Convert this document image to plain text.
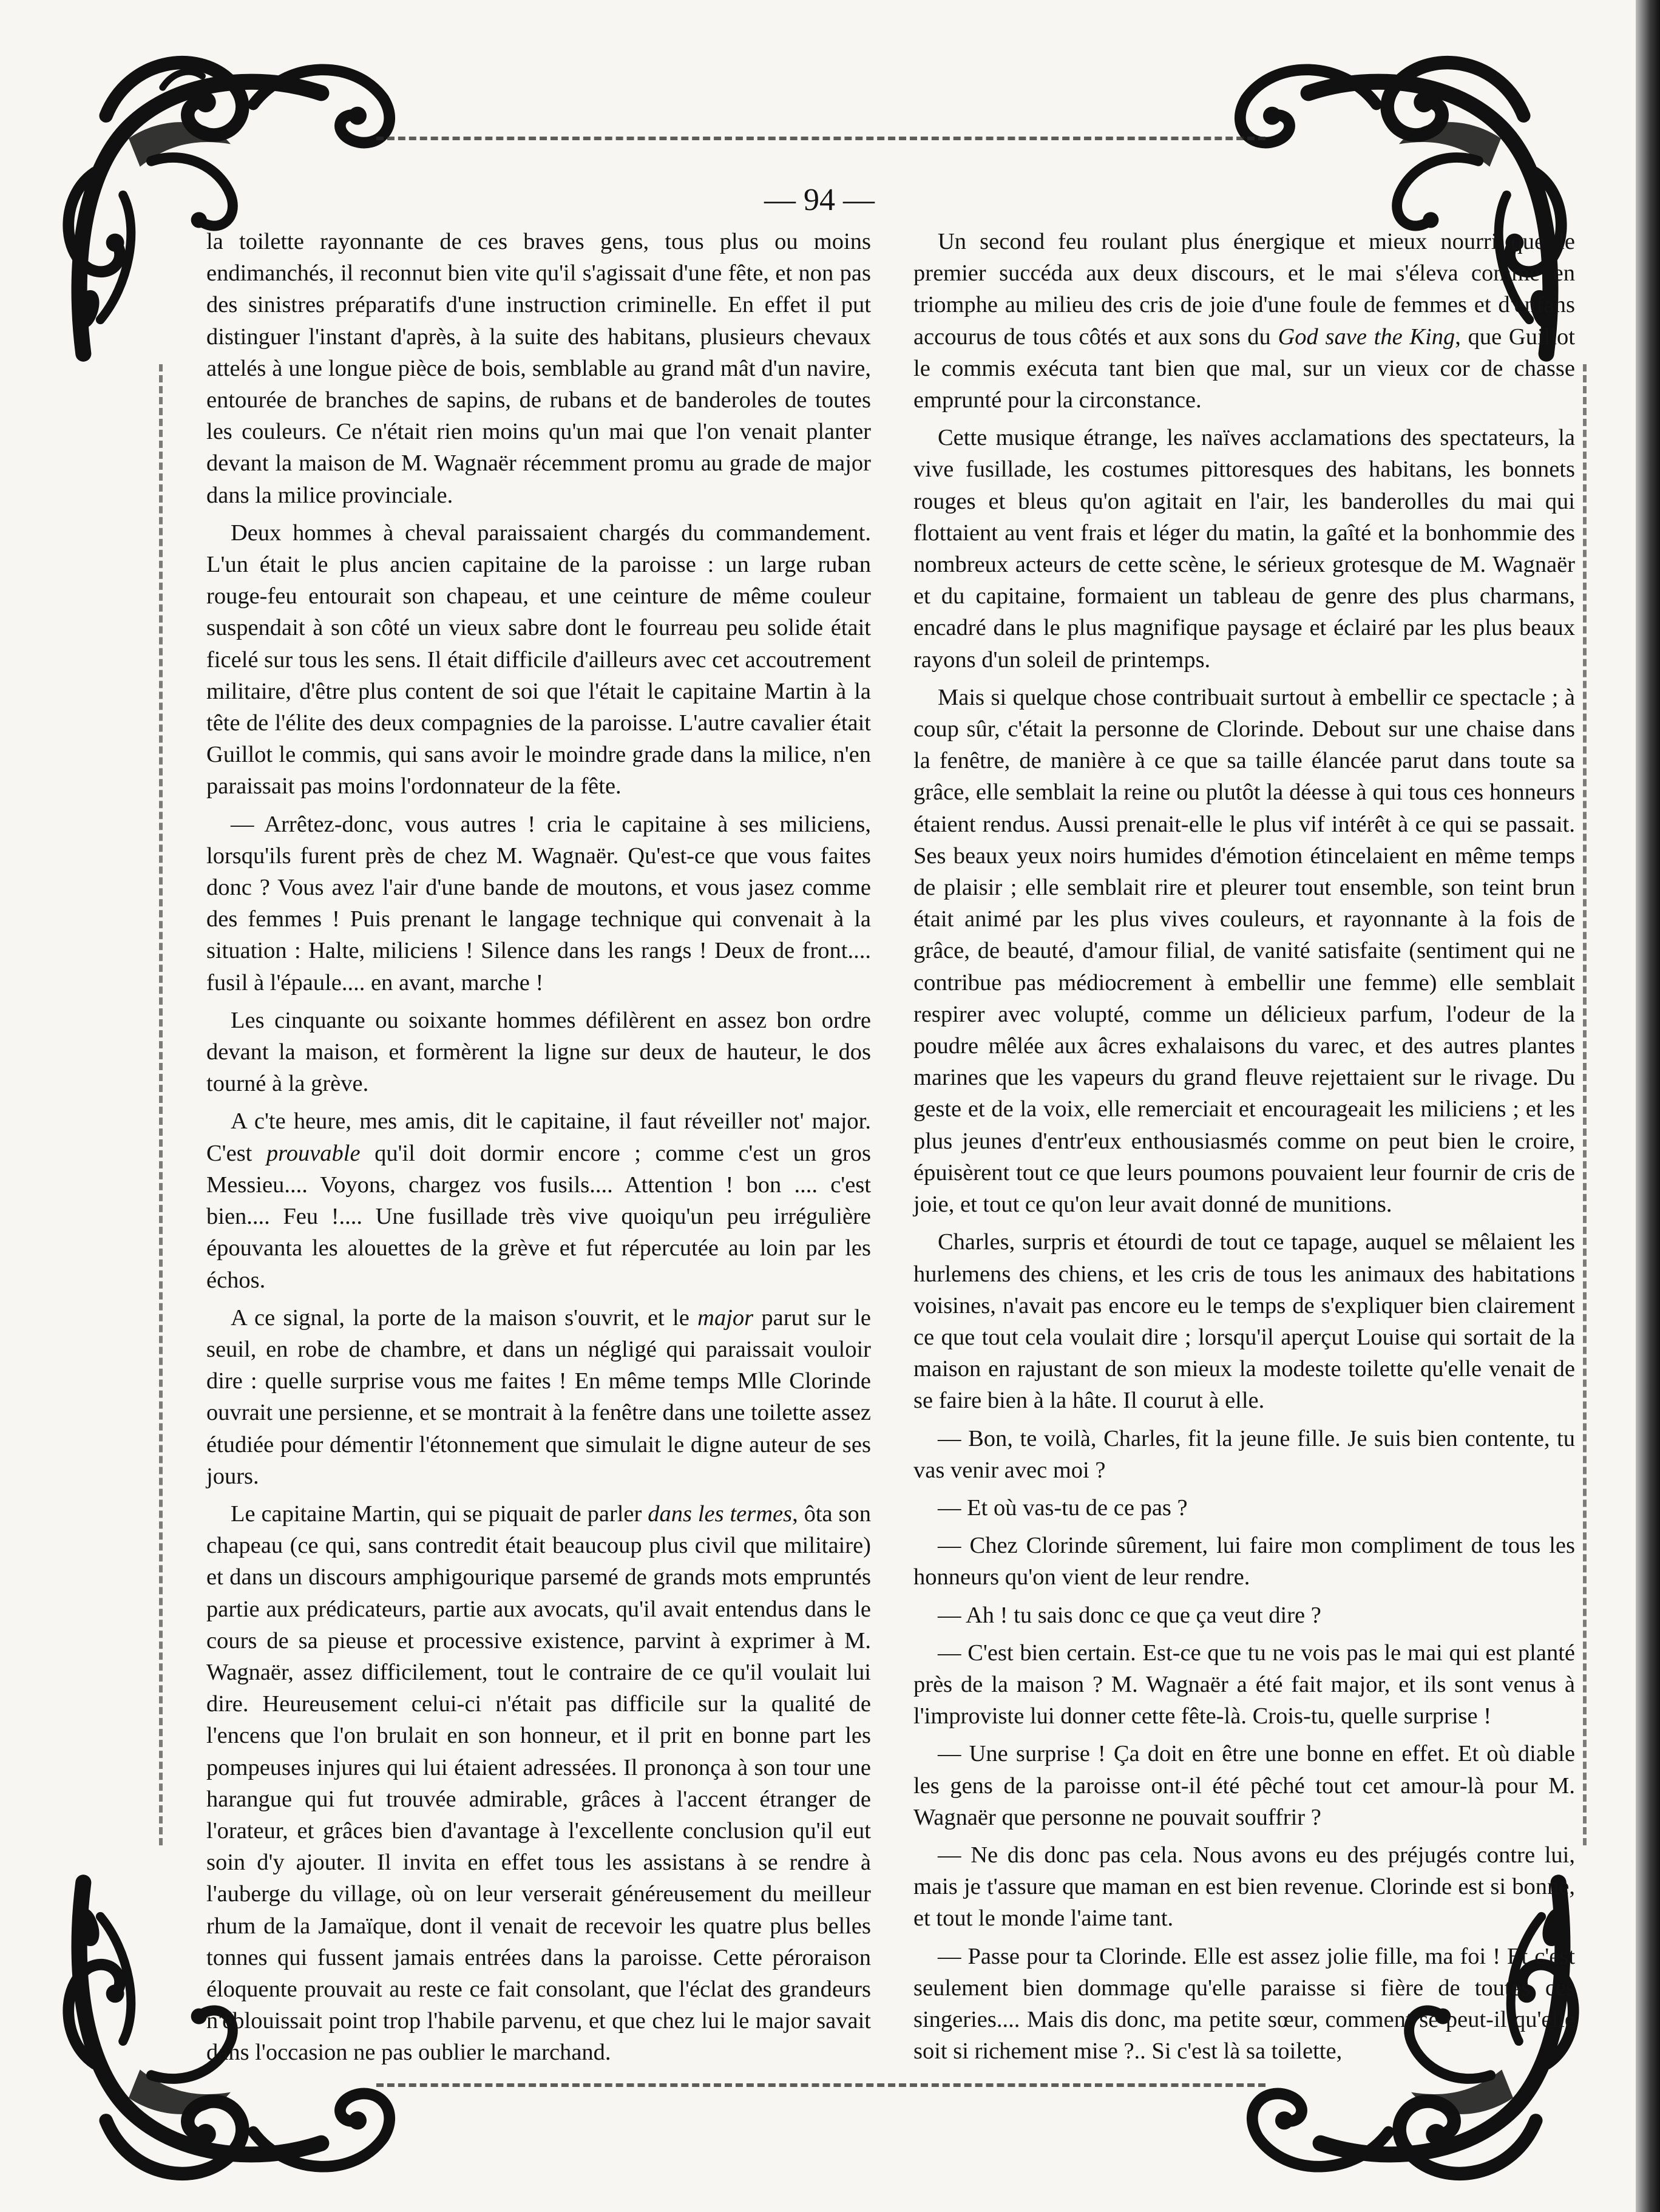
— 94 —

la toilette rayonnante de ces braves gens, tous plus ou moins endimanchés, il reconnut bien vite qu'il s'agissait d'une fête, et non pas des sinistres préparatifs d'une instruction criminelle. En effet il put distinguer l'instant d'après, à la suite des habitans, plusieurs chevaux attelés à une longue pièce de bois, semblable au grand mât d'un navire, entourée de branches de sapins, de rubans et de banderoles de toutes les couleurs. Ce n'était rien moins qu'un mai que l'on venait planter devant la maison de M. Wagnaër récemment promu au grade de major dans la milice provinciale.

Deux hommes à cheval paraissaient chargés du commandement. L'un était le plus ancien capitaine de la paroisse : un large ruban rouge-feu entourait son chapeau, et une ceinture de même couleur suspendait à son côté un vieux sabre dont le fourreau peu solide était ficelé sur tous les sens. Il était difficile d'ailleurs avec cet accoutrement militaire, d'être plus content de soi que l'était le capitaine Martin à la tête de l'élite des deux compagnies de la paroisse. L'autre cavalier était Guillot le commis, qui sans avoir le moindre grade dans la milice, n'en paraissait pas moins l'ordonnateur de la fête.

— Arrêtez-donc, vous autres ! cria le capitaine à ses miliciens, lorsqu'ils furent près de chez M. Wagnaër. Qu'est-ce que vous faites donc ? Vous avez l'air d'une bande de moutons, et vous jasez comme des femmes ! Puis prenant le langage technique qui convenait à la situation : Halte, miliciens ! Silence dans les rangs ! Deux de front.... fusil à l'épaule.... en avant, marche !

Les cinquante ou soixante hommes défilèrent en assez bon ordre devant la maison, et formèrent la ligne sur deux de hauteur, le dos tourné à la grève.

A c'te heure, mes amis, dit le capitaine, il faut réveiller not' major. C'est prouvable qu'il doit dormir encore ; comme c'est un gros Messieu.... Voyons, chargez vos fusils.... Attention ! bon .... c'est bien.... Feu !.... Une fusillade très vive quoiqu'un peu irrégulière épouvanta les alouettes de la grève et fut répercutée au loin par les échos.

A ce signal, la porte de la maison s'ouvrit, et le major parut sur le seuil, en robe de chambre, et dans un négligé qui paraissait vouloir dire : quelle surprise vous me faites ! En même temps Mlle Clorinde ouvrait une persienne, et se montrait à la fenêtre dans une toilette assez étudiée pour démentir l'étonnement que simulait le digne auteur de ses jours.

Le capitaine Martin, qui se piquait de parler dans les termes, ôta son chapeau (ce qui, sans contredit était beaucoup plus civil que militaire) et dans un discours amphigourique parsemé de grands mots empruntés partie aux prédicateurs, partie aux avocats, qu'il avait entendus dans le cours de sa pieuse et processive existence, parvint à exprimer à M. Wagnaër, assez difficilement, tout le contraire de ce qu'il voulait lui dire. Heureusement celui-ci n'était pas difficile sur la qualité de l'encens que l'on brulait en son honneur, et il prit en bonne part les pompeuses injures qui lui étaient adressées. Il prononça à son tour une harangue qui fut trouvée admirable, grâces à l'accent étranger de l'orateur, et grâces bien d'avantage à l'excellente conclusion qu'il eut soin d'y ajouter. Il invita en effet tous les assistans à se rendre à l'auberge du village, où on leur verserait généreusement du meilleur rhum de la Jamaïque, dont il venait de recevoir les quatre plus belles tonnes qui fussent jamais entrées dans la paroisse. Cette péroraison éloquente prouvait au reste ce fait consolant, que l'éclat des grandeurs n'éblouissait point trop l'habile parvenu, et que chez lui le major savait dans l'occasion ne pas oublier le marchand.

Un second feu roulant plus énergique et mieux nourri que le premier succéda aux deux discours, et le mai s'éleva comme en triomphe au milieu des cris de joie d'une foule de femmes et d'enfans accourus de tous côtés et aux sons du God save the King, que Guillot le commis exécuta tant bien que mal, sur un vieux cor de chasse emprunté pour la circonstance.

Cette musique étrange, les naïves acclamations des spectateurs, la vive fusillade, les costumes pittoresques des habitans, les bonnets rouges et bleus qu'on agitait en l'air, les banderolles du mai qui flottaient au vent frais et léger du matin, la gaîté et la bonhommie des nombreux acteurs de cette scène, le sérieux grotesque de M. Wagnaër et du capitaine, formaient un tableau de genre des plus charmans, encadré dans le plus magnifique paysage et éclairé par les plus beaux rayons d'un soleil de printemps.

Mais si quelque chose contribuait surtout à embellir ce spectacle ; à coup sûr, c'était la personne de Clorinde. Debout sur une chaise dans la fenêtre, de manière à ce que sa taille élancée parut dans toute sa grâce, elle semblait la reine ou plutôt la déesse à qui tous ces honneurs étaient rendus. Aussi prenait-elle le plus vif intérêt à ce qui se passait. Ses beaux yeux noirs humides d'émotion étincelaient en même temps de plaisir ; elle semblait rire et pleurer tout ensemble, son teint brun était animé par les plus vives couleurs, et rayonnante à la fois de grâce, de beauté, d'amour filial, de vanité satisfaite (sentiment qui ne contribue pas médiocrement à embellir une femme) elle semblait respirer avec volupté, comme un délicieux parfum, l'odeur de la poudre mêlée aux âcres exhalaisons du varec, et des autres plantes marines que les vapeurs du grand fleuve rejettaient sur le rivage. Du geste et de la voix, elle remerciait et encourageait les miliciens ; et les plus jeunes d'entr'eux enthousiasmés comme on peut bien le croire, épuisèrent tout ce que leurs poumons pouvaient leur fournir de cris de joie, et tout ce qu'on leur avait donné de munitions.

Charles, surpris et étourdi de tout ce tapage, auquel se mêlaient les hurlemens des chiens, et les cris de tous les animaux des habitations voisines, n'avait pas encore eu le temps de s'expliquer bien clairement ce que tout cela voulait dire ; lorsqu'il aperçut Louise qui sortait de la maison en rajustant de son mieux la modeste toilette qu'elle venait de se faire bien à la hâte. Il courut à elle.

— Bon, te voilà, Charles, fit la jeune fille. Je suis bien contente, tu vas venir avec moi ?

— Et où vas-tu de ce pas ?

— Chez Clorinde sûrement, lui faire mon compliment de tous les honneurs qu'on vient de leur rendre.

— Ah ! tu sais donc ce que ça veut dire ?

— C'est bien certain. Est-ce que tu ne vois pas le mai qui est planté près de la maison ? M. Wagnaër a été fait major, et ils sont venus à l'improviste lui donner cette fête-là. Crois-tu, quelle surprise !

— Une surprise ! Ça doit en être une bonne en effet. Et où diable les gens de la paroisse ont-il été pêché tout cet amour-là pour M. Wagnaër que personne ne pouvait souffrir ?

— Ne dis donc pas cela. Nous avons eu des préjugés contre lui, mais je t'assure que maman en est bien revenue. Clorinde est si bonne, et tout le monde l'aime tant.

— Passe pour ta Clorinde. Elle est assez jolie fille, ma foi ! Et c'est seulement bien dommage qu'elle paraisse si fière de toutes ces singeries.... Mais dis donc, ma petite sœur, comment se peut-il qu'elle soit si richement mise ?.. Si c'est là sa toilette,
